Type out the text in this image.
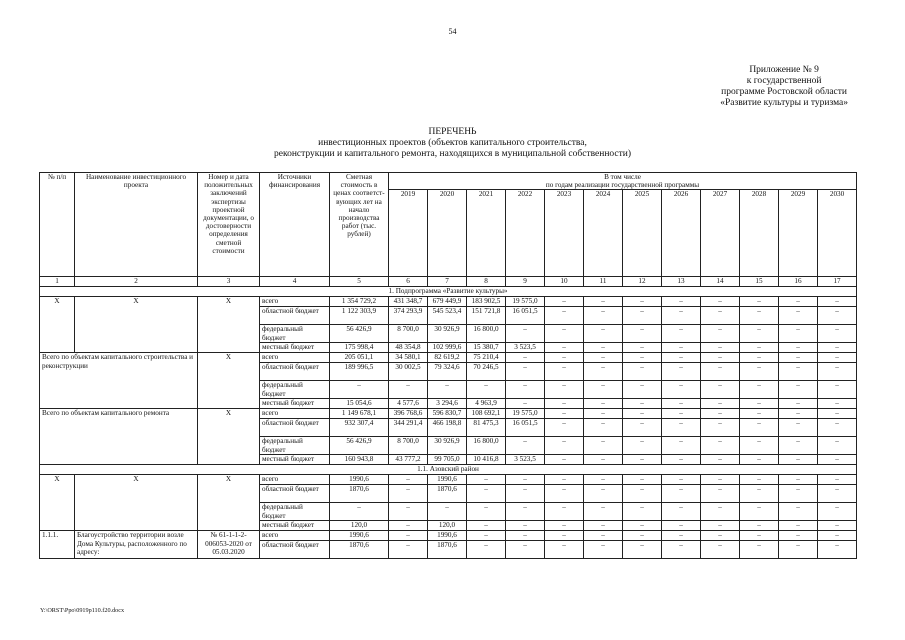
54
Приложение № 9
к государственной
программе Ростовской области
«Развитие культуры и туризма»
ПЕРЕЧЕНЬ
инвестиционных проектов (объектов капитального строительства,
реконструкции и капитального ремонта, находящихся в муниципальной собственности)
№ п/п	Наименование инвестиционного проекта	Номер и дата положительных заключений экспертизы проектной документации, о достоверности определения сметной стоимости	Источники финансирования	Сметная стоимость в ценах соответст-вующих лет на начало производства работ (тыс. рублей)	В том числе											
					по годам реализации государственной программы											
					2019	2020	2021	2022	2023	2024	2025	2026	2027	2028	2029	2030
1	2	3	4	5	6	7	8	9	10	11	12	13	14	15	16	17
1. Подпрограмма «Развитие культуры»																
Х	Х	Х	всего	1 354 729,2	431 348,7	679 449,9	183 902,5	19 575,0	–	–	–	–	–	–	–	–
			областной бюджет	1 122 303,9	374 293,9	545 523,4	151 721,8	16 051,5	–	–	–	–	–	–	–	–
			федеральный бюджет	56 426,9	8 700,0	30 926,9	16 800,0	–	–	–	–	–	–	–	–	–
			местный бюджет	175 998,4	48 354,8	102 999,6	15 380,7	3 523,5	–	–	–	–	–	–	–	–
Всего по объектам капитального строительства и реконструкции		Х	всего	205 051,1	34 580,1	82 619,2	75 210,4	–	–	–	–	–	–	–	–	–
			областной бюджет	189 996,5	30 002,5	79 324,6	70 246,5	–	–	–	–	–	–	–	–	–
			федеральный бюджет	–	–	–	–	–	–	–	–	–	–	–	–	–
			местный бюджет	15 054,6	4 577,6	3 294,6	4 963,9	–	–	–	–	–	–	–	–	–
Всего по объектам капитального ремонта		Х	всего	1 149 678,1	396 768,6	596 830,7	108 692,1	19 575,0	–	–	–	–	–	–	–	–
			областной бюджет	932 307,4	344 291,4	466 198,8	81 475,3	16 051,5	–	–	–	–	–	–	–	–
			федеральный бюджет	56 426,9	8 700,0	30 926,9	16 800,0	–	–	–	–	–	–	–	–	–
			местный бюджет	160 943,8	43 777,2	99 705,0	10 416,8	3 523,5	–	–	–	–	–	–	–	–
1.1. Азовский район																
Х	Х	Х	всего	1990,6	–	1990,6	–	–	–	–	–	–	–	–	–	–
			областной бюджет	1870,6	–	1870,6	–	–	–	–	–	–	–	–	–	–
			федеральный бюджет	–	–	–	–	–	–	–	–	–	–	–	–	–
			местный бюджет	120,0	–	120,0	–	–	–	–	–	–	–	–	–	–
1.1.1.	Благоустройство территории возле Дома Культуры, расположенного по адресу:	№ 61-1-1-2-006053-2020 от 05.03.2020	всего	1990,6	–	1990,6	–	–	–	–	–	–	–	–	–	–
			областной бюджет	1870,6	–	1870,6	–	–	–	–	–	–	–	–	–	–
Y:\ORST\Ppo\0919p110.f20.docx
